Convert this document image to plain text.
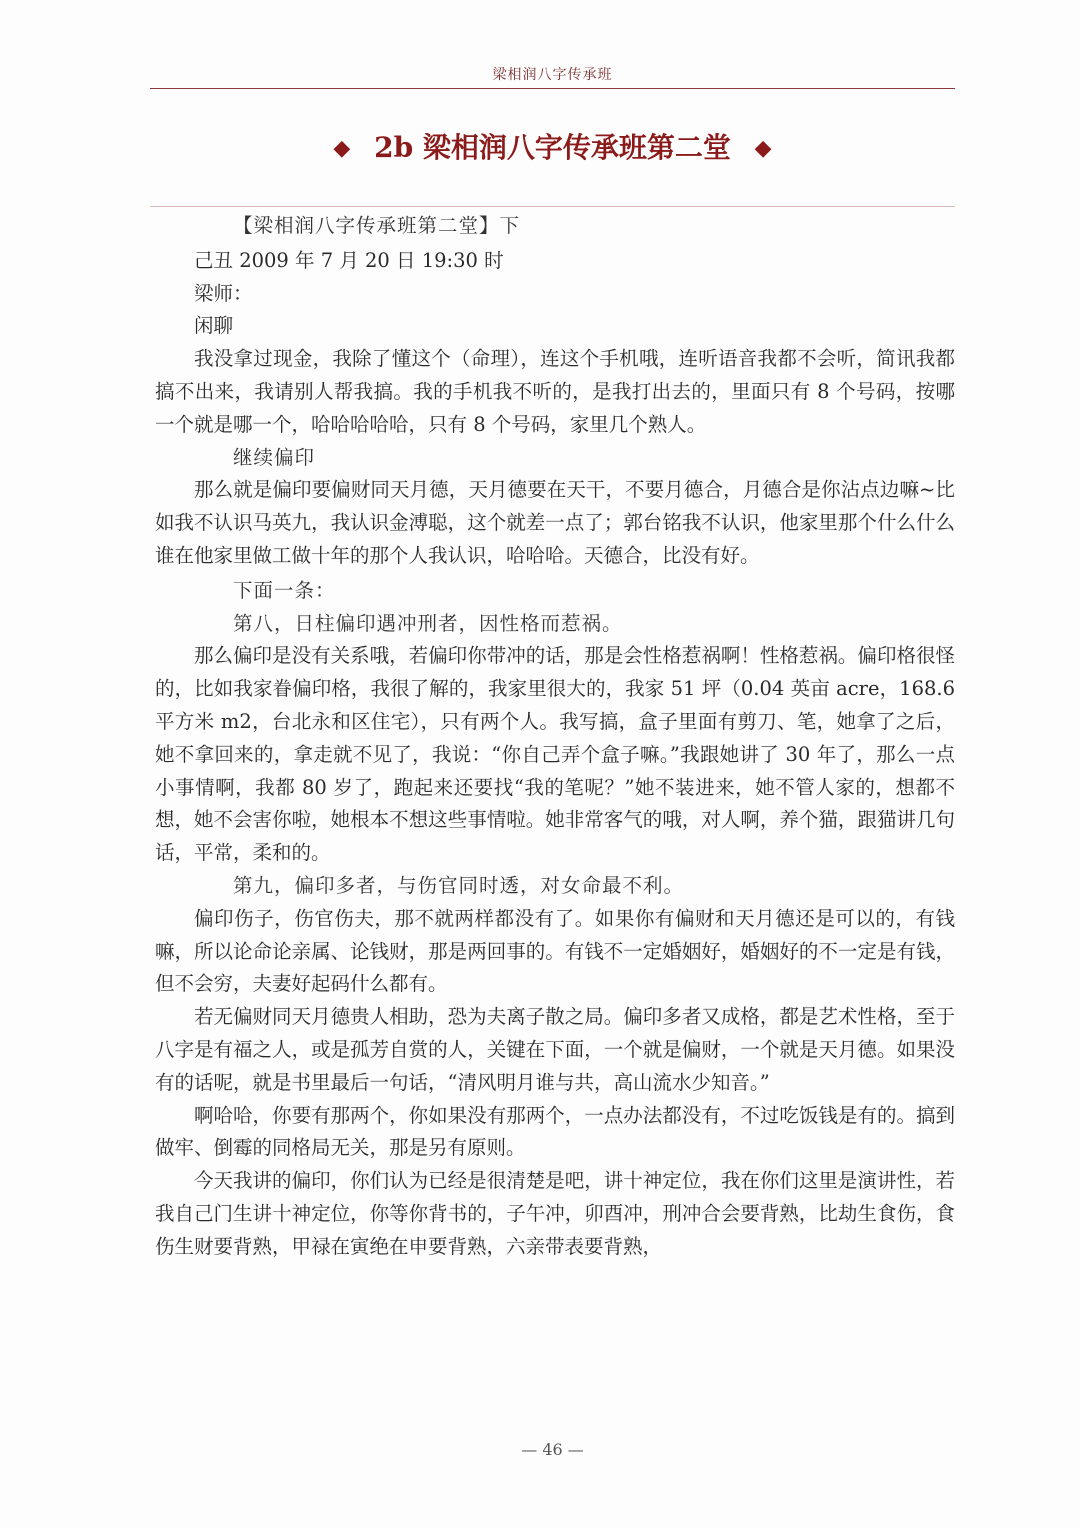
梁相润八字传承班
◆ 2b 梁相润八字传承班第二堂 ◆

【梁相润八字传承班第二堂】下

己丑 2009 年 7 月 20 日 19:30 时

梁师：

闲聊

我没拿过现金，我除了懂这个（命理），连这个手机哦，连听语音我都不会听，简讯我都搞不出来，我请别人帮我搞。我的手机我不听的，是我打出去的，里面只有 8 个号码，按哪一个就是哪一个，哈哈哈哈哈，只有 8 个号码，家里几个熟人。

继续偏印

那么就是偏印要偏财同天月德，天月德要在天干，不要月德合，月德合是你沾点边嘛~比如我不认识马英九，我认识金溥聪，这个就差一点了；郭台铭我不认识，他家里那个什么什么谁在他家里做工做十年的那个人我认识，哈哈哈。天德合，比没有好。

下面一条：

第八，日柱偏印遇冲刑者，因性格而惹祸。

那么偏印是没有关系哦，若偏印你带冲的话，那是会性格惹祸啊！性格惹祸。偏印格很怪的，比如我家眷偏印格，我很了解的，我家里很大的，我家 51 坪（0.04 英亩 acre，168.6 平方米 m2，台北永和区住宅），只有两个人。我写搞，盒子里面有剪刀、笔，她拿了之后，她不拿回来的，拿走就不见了，我说：“你自己弄个盒子嘛。”我跟她讲了 30 年了，那么一点小事情啊，我都 80 岁了，跑起来还要找“我的笔呢？”她不装进来，她不管人家的，想都不想，她不会害你啦，她根本不想这些事情啦。她非常客气的哦，对人啊，养个猫，跟猫讲几句话，平常，柔和的。

第九，偏印多者，与伤官同时透，对女命最不利。

偏印伤子，伤官伤夫，那不就两样都没有了。如果你有偏财和天月德还是可以的，有钱嘛，所以论命论亲属、论钱财，那是两回事的。有钱不一定婚姻好，婚姻好的不一定是有钱，但不会穷，夫妻好起码什么都有。

若无偏财同天月德贵人相助，恐为夫离子散之局。偏印多者又成格，都是艺术性格，至于八字是有福之人，或是孤芳自赏的人，关键在下面，一个就是偏财，一个就是天月德。如果没有的话呢，就是书里最后一句话，“清风明月谁与共，高山流水少知音。”

啊哈哈，你要有那两个，你如果没有那两个，一点办法都没有，不过吃饭钱是有的。搞到做牢、倒霉的同格局无关，那是另有原则。

今天我讲的偏印，你们认为已经是很清楚是吧，讲十神定位，我在你们这里是演讲性，若我自己门生讲十神定位，你等你背书的，子午冲，卯酉冲，刑冲合会要背熟，比劫生食伤，食伤生财要背熟，甲禄在寅绝在申要背熟，六亲带表要背熟，

— 46 —
